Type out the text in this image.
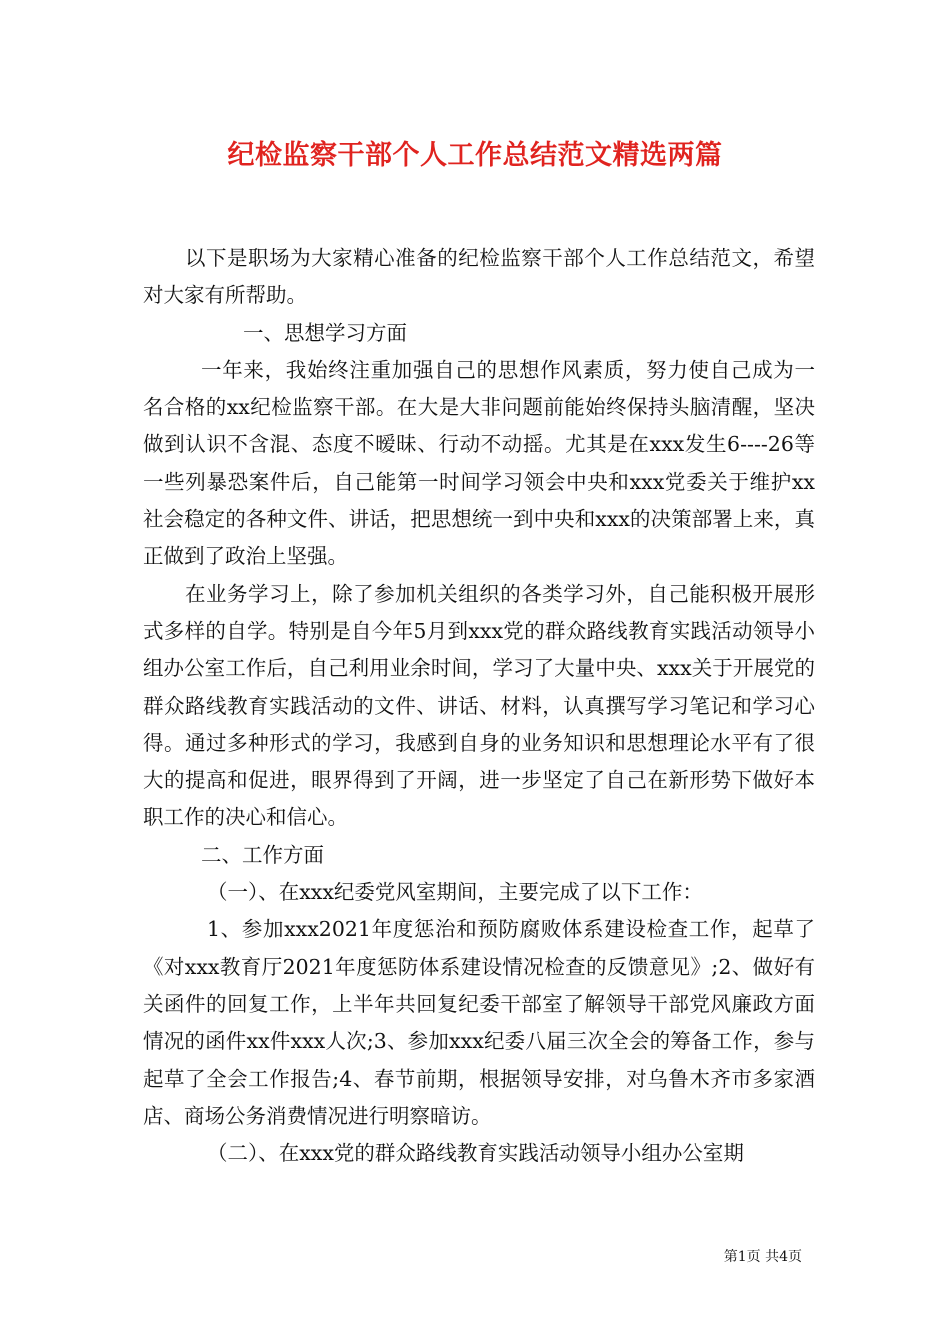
纪检监察干部个人工作总结范文精选两篇

以下是职场为大家精心准备的纪检监察干部个人工作总结范文，希望对大家有所帮助。

一、思想学习方面

一年来，我始终注重加强自己的思想作风素质，努力使自己成为一名合格的xx纪检监察干部。在大是大非问题前能始终保持头脑清醒，坚决做到认识不含混、态度不暧昧、行动不动摇。尤其是在xxx发生6----26等一些列暴恐案件后，自己能第一时间学习领会中央和xxx党委关于维护xx社会稳定的各种文件、讲话，把思想统一到中央和xxx的决策部署上来，真正做到了政治上坚强。

在业务学习上，除了参加机关组织的各类学习外，自己能积极开展形式多样的自学。特别是自今年5月到xxx党的群众路线教育实践活动领导小组办公室工作后，自己利用业余时间，学习了大量中央、xxx关于开展党的群众路线教育实践活动的文件、讲话、材料，认真撰写学习笔记和学习心得。通过多种形式的学习，我感到自身的业务知识和思想理论水平有了很大的提高和促进，眼界得到了开阔，进一步坚定了自己在新形势下做好本职工作的决心和信心。

二、工作方面

（一）、在xxx纪委党风室期间，主要完成了以下工作：

1、参加xxx2021年度惩治和预防腐败体系建设检查工作，起草了《对xxx教育厅2021年度惩防体系建设情况检查的反馈意见》;2、做好有关函件的回复工作，上半年共回复纪委干部室了解领导干部党风廉政方面情况的函件xx件xxx人次;3、参加xxx纪委八届三次全会的筹备工作，参与起草了全会工作报告;4、春节前期，根据领导安排，对乌鲁木齐市多家酒店、商场公务消费情况进行明察暗访。

（二）、在xxx党的群众路线教育实践活动领导小组办公室期

第1页 共4页
